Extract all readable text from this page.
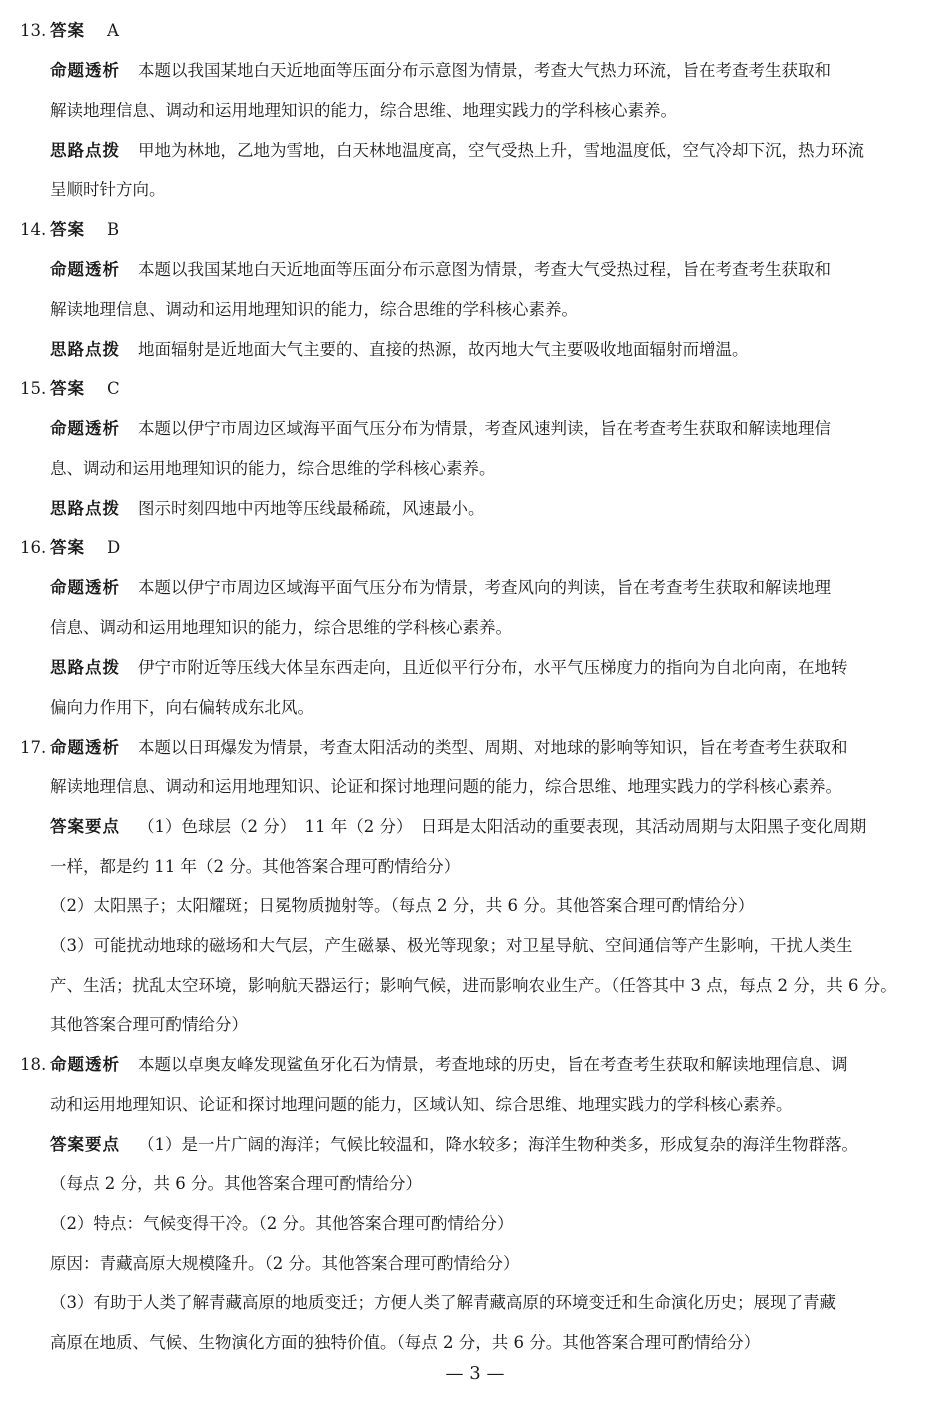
13. 答案 A
命题透析 本题以我国某地白天近地面等压面分布示意图为情景，考查大气热力环流，旨在考查考生获取和
解读地理信息、调动和运用地理知识的能力，综合思维、地理实践力的学科核心素养。
思路点拨 甲地为林地，乙地为雪地，白天林地温度高，空气受热上升，雪地温度低，空气冷却下沉，热力环流
呈顺时针方向。
14. 答案 B
命题透析 本题以我国某地白天近地面等压面分布示意图为情景，考查大气受热过程，旨在考查考生获取和
解读地理信息、调动和运用地理知识的能力，综合思维的学科核心素养。
思路点拨 地面辐射是近地面大气主要的、直接的热源，故丙地大气主要吸收地面辐射而增温。
15. 答案 C
命题透析 本题以伊宁市周边区域海平面气压分布为情景，考查风速判读，旨在考查考生获取和解读地理信
息、调动和运用地理知识的能力，综合思维的学科核心素养。
思路点拨 图示时刻四地中丙地等压线最稀疏，风速最小。
16. 答案 D
命题透析 本题以伊宁市周边区域海平面气压分布为情景，考查风向的判读，旨在考查考生获取和解读地理
信息、调动和运用地理知识的能力，综合思维的学科核心素养。
思路点拨 伊宁市附近等压线大体呈东西走向，且近似平行分布，水平气压梯度力的指向为自北向南，在地转
偏向力作用下，向右偏转成东北风。
17. 命题透析 本题以日珥爆发为情景，考查太阳活动的类型、周期、对地球的影响等知识，旨在考查考生获取和
解读地理信息、调动和运用地理知识、论证和探讨地理问题的能力，综合思维、地理实践力的学科核心素养。
答案要点 （1）色球层（2 分）　11 年（2 分）　日珥是太阳活动的重要表现，其活动周期与太阳黑子变化周期
一样，都是约 11 年（2 分。其他答案合理可酌情给分）
（2）太阳黑子；太阳耀斑；日冕物质抛射等。（每点 2 分，共 6 分。其他答案合理可酌情给分）
（3）可能扰动地球的磁场和大气层，产生磁暴、极光等现象；对卫星导航、空间通信等产生影响，干扰人类生
产、生活；扰乱太空环境，影响航天器运行；影响气候，进而影响农业生产。（任答其中 3 点，每点 2 分，共 6 分。
其他答案合理可酌情给分）
18. 命题透析 本题以卓奥友峰发现鲨鱼牙化石为情景，考查地球的历史，旨在考查考生获取和解读地理信息、调
动和运用地理知识、论证和探讨地理问题的能力，区域认知、综合思维、地理实践力的学科核心素养。
答案要点 （1）是一片广阔的海洋；气候比较温和，降水较多；海洋生物种类多，形成复杂的海洋生物群落。
（每点 2 分，共 6 分。其他答案合理可酌情给分）
（2）特点：气候变得干冷。（2 分。其他答案合理可酌情给分）
原因：青藏高原大规模隆升。（2 分。其他答案合理可酌情给分）
（3）有助于人类了解青藏高原的地质变迁；方便人类了解青藏高原的环境变迁和生命演化历史；展现了青藏
高原在地质、气候、生物演化方面的独特价值。（每点 2 分，共 6 分。其他答案合理可酌情给分）
— 3 —
